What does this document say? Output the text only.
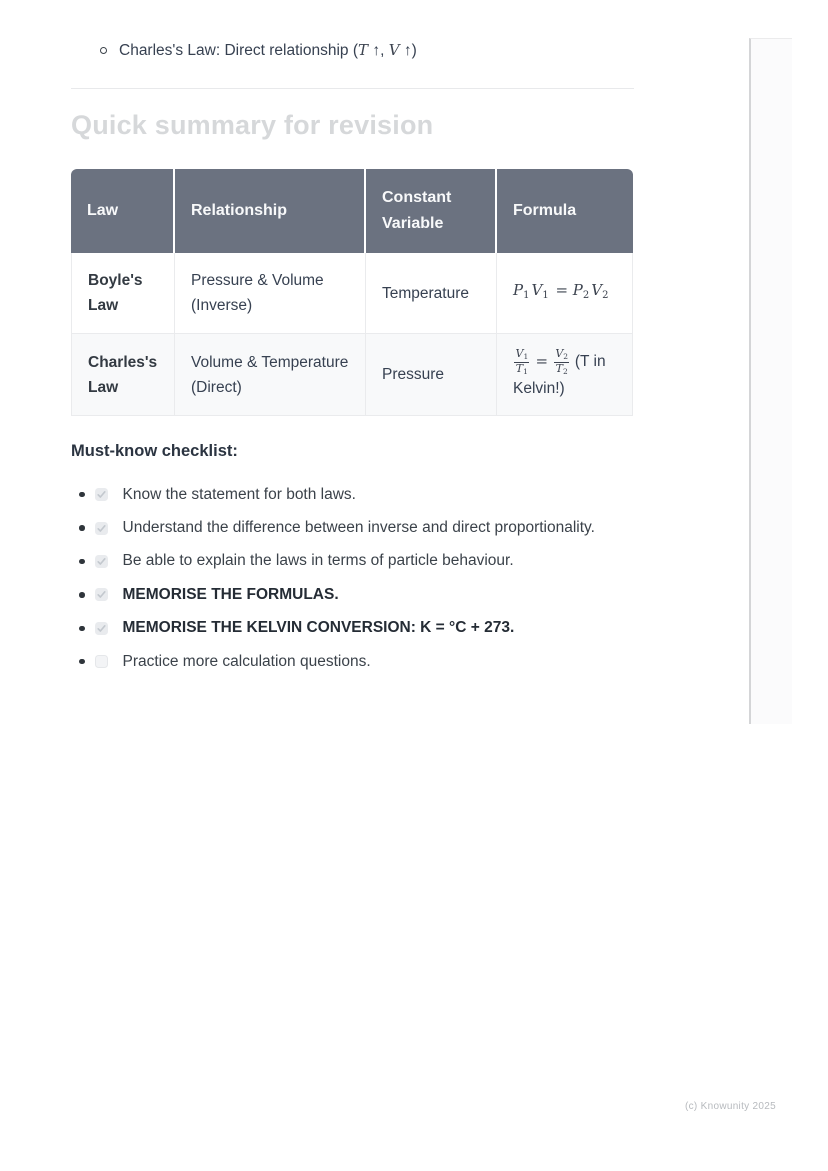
Charles's Law: Direct relationship (T ↑, V ↑)
Quick summary for revision
Law	Relationship	Constant Variable	Formula
Boyle's Law	Pressure & Volume (Inverse)	Temperature	$P_1$ $V_1 = P_2$ $V_2$
Charles's Law	Volume & Temperature (Direct)	Pressure	$\frac{V_1}{T_1} = \frac{V_2}{T_2} (T$ in Kelvin!)
Must-know checklist:
Know the statement for both laws.
Understand the difference between inverse and direct proportionality.
Be able to explain the laws in terms of particle behaviour.
MEMORISE THE FORMULAS.
MEMORISE THE KELVIN CONVERSION: K = °C + 273.
Practice more calculation questions.
(c) Knowunity 2025
